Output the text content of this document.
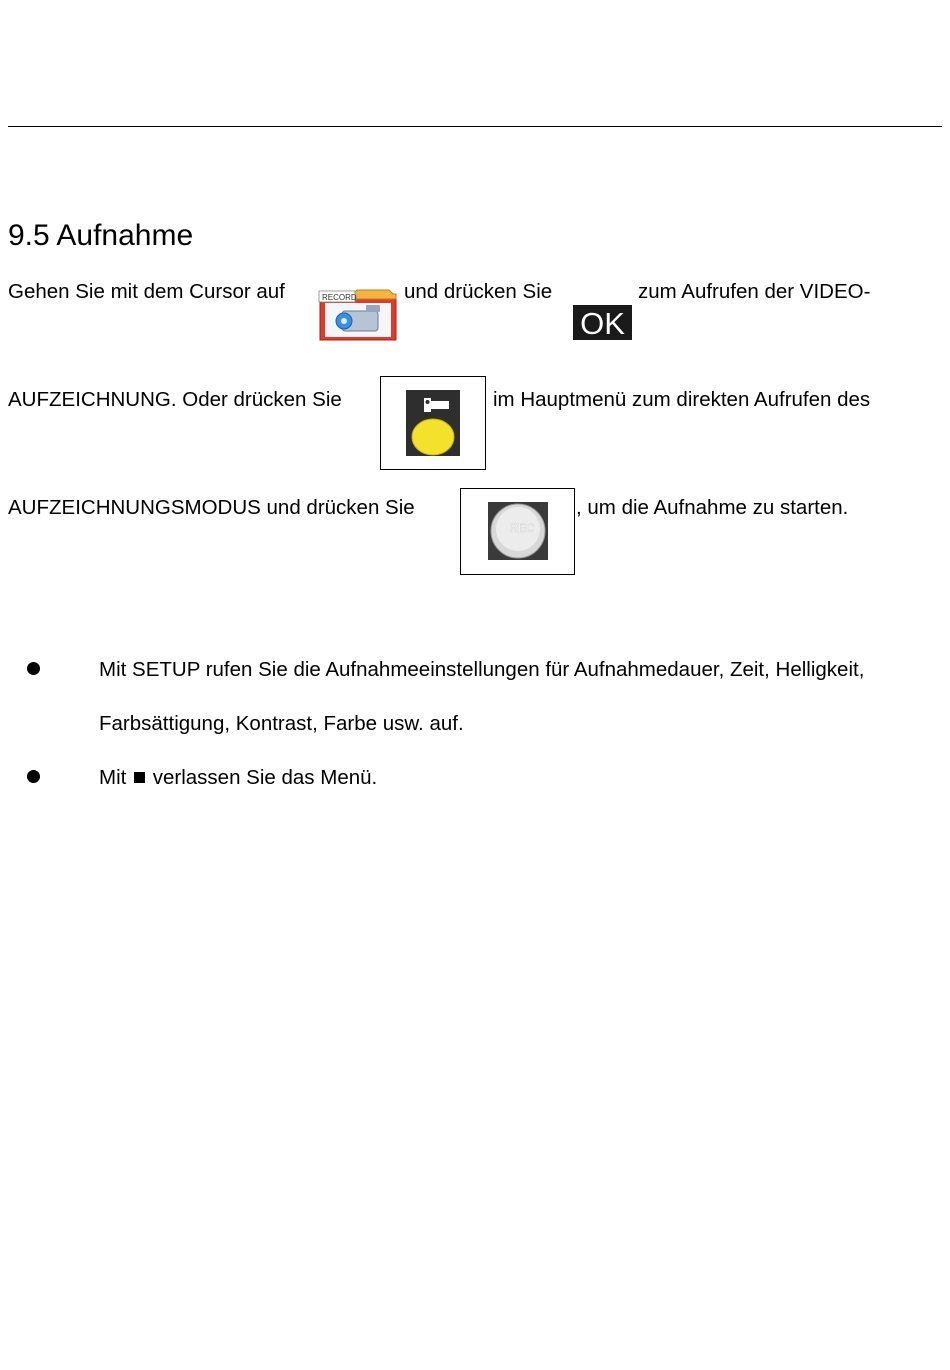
9.5 Aufnahme
Gehen Sie mit dem Cursor auf	RECORD und drücken Sie
OK
zum Aufrufen der VIDEO-
AUFZEICHNUNG. Oder drücken Sie	im Hauptmenü zum direkten Aufrufen des
AUFZEICHNUNGSMODUS und drücken Sie
REC
, um die Aufnahme zu starten.
Mit SETUP rufen Sie die Aufnahmeeinstellungen für Aufnahmedauer, Zeit, Helligkeit,
Farbsättigung, Kontrast, Farbe usw. auf.
Mit verlassen Sie das Menü.
